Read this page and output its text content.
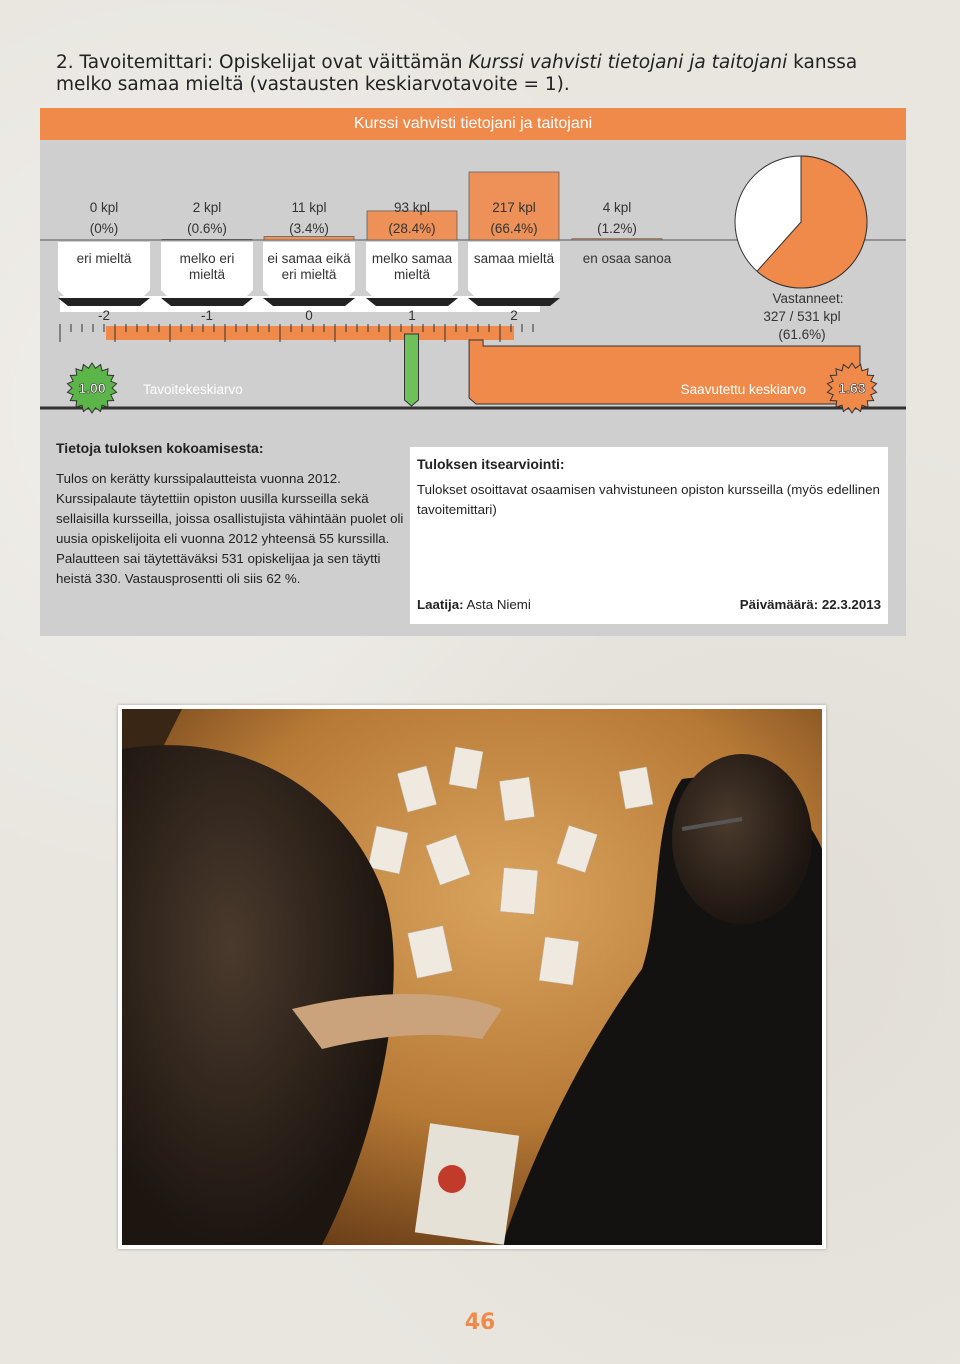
2. Tavoitemittari: Opiskelijat ovat väittämän Kurssi vahvisti tietojani ja taitojani kanssa melko samaa mieltä (vastausten keskiarvotavoite = 1).
Kurssi vahvisti tietojani ja taitojani
0 kpl
(0%)
eri mieltä
2 kpl
(0.6%)
melko eri
mieltä
11 kpl
(3.4%)
ei samaa eikä
eri mieltä
93 kpl
(28.4%)
melko samaa
mieltä
217 kpl
(66.4%)
samaa mieltä
4 kpl
(1.2%)
en osaa sanoa
-2	-1	0	1	2
Vastanneet:
327 / 531 kpl
(61.6%)
1.00	Tavoitekeskiarvo	Saavutettu keskiarvo 1.63
Tietoja tuloksen kokoamisesta:
Tulos on kerätty kurssipalautteista vuonna 2012. Kurssipalaute täytettiin opiston uusilla kursseilla sekä sellaisilla kursseilla, joissa osallistujista vähintään puolet oli uusia opiskelijoita eli vuonna 2012 yhteensä 55 kurssilla. Palautteen sai täytettäväksi 531 opiskelijaa ja sen täytti heistä 330. Vastausprosentti oli siis 62 %.
Tuloksen itsearviointi:
Tulokset osoittavat osaamisen vahvistuneen opiston kursseilla (myös edellinen tavoitemittari)
Laatija: Asta Niemi	Päivämäärä: 22.3.2013
46
